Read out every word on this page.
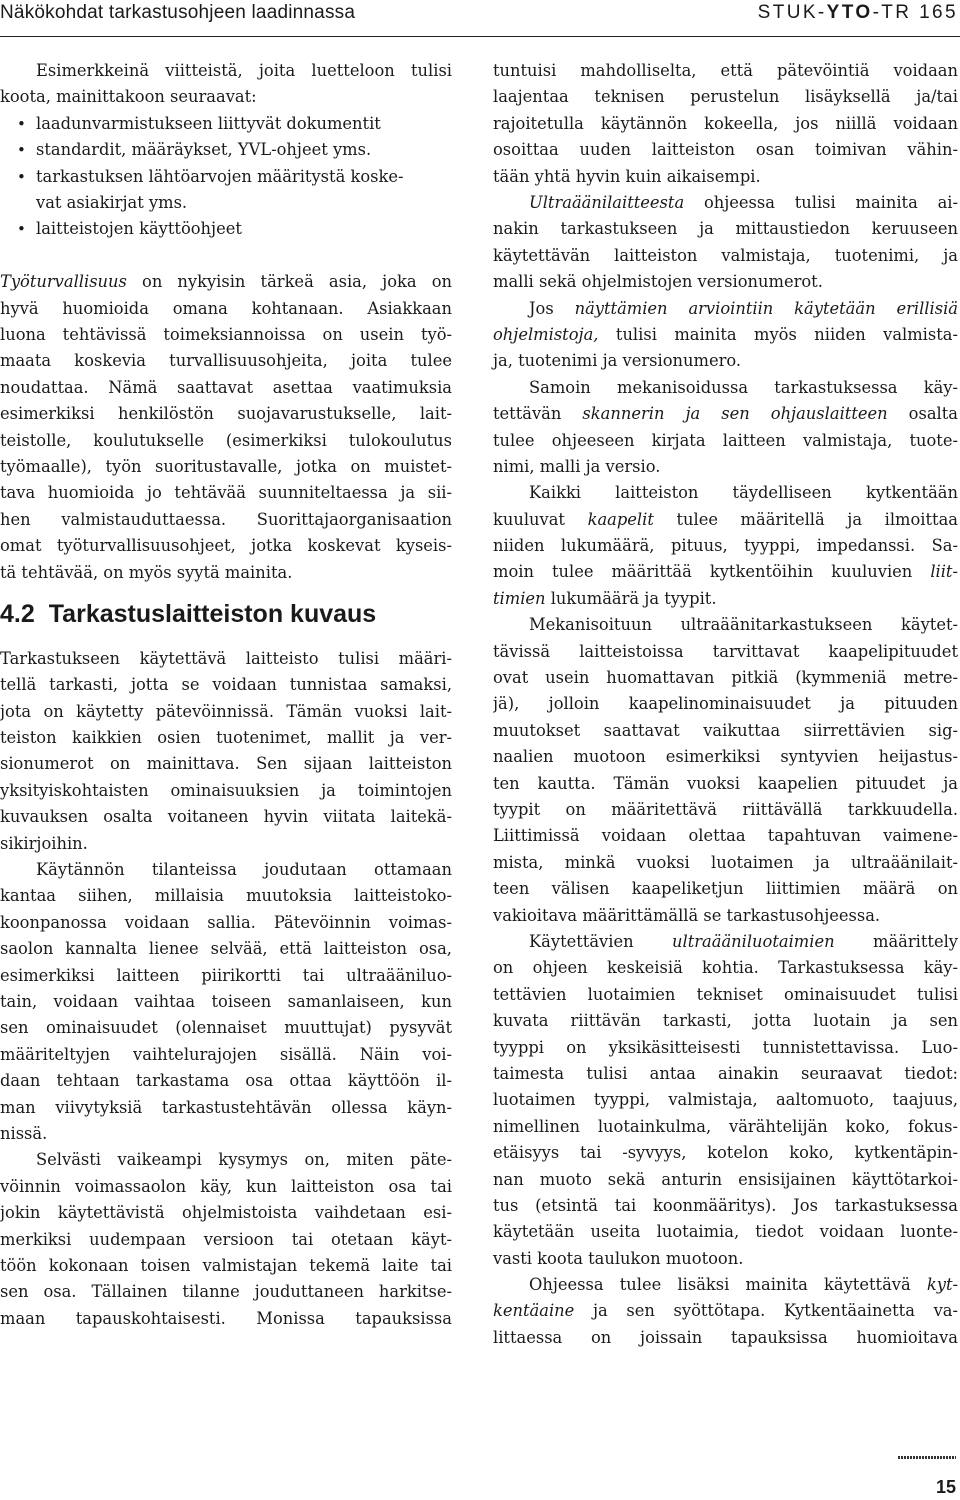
Näkökohdat tarkastusohjeen laadinnassa	STUK-YTO-TR 165
Esimerkkeinä viitteistä, joita luetteloon tulisi
koota, mainittakoon seuraavat:
• laadunvarmistukseen liittyvät dokumentit
• standardit, määräykset, YVL-ohjeet yms.
• tarkastuksen lähtöarvojen määritystä koske-
vat asiakirjat yms.
• laitteistojen käyttöohjeet
Työturvallisuus on nykyisin tärkeä asia, joka on
hyvä huomioida omana kohtanaan. Asiakkaan
luona tehtävissä toimeksiannoissa on usein työ-
maata koskevia turvallisuusohjeita, joita tulee
noudattaa. Nämä saattavat asettaa vaatimuksia
esimerkiksi henkilöstön suojavarustukselle, lait-
teistolle, koulutukselle (esimerkiksi tulokoulutus
työmaalle), työn suoritustavalle, jotka on muistet-
tava huomioida jo tehtävää suunniteltaessa ja sii-
hen valmistauduttaessa. Suorittajaorganisaation
omat työturvallisuusohjeet, jotka koskevat kyseis-
tä tehtävää, on myös syytä mainita.
4.2 Tarkastuslaitteiston kuvaus
Tarkastukseen käytettävä laitteisto tulisi määri-
tellä tarkasti, jotta se voidaan tunnistaa samaksi,
jota on käytetty pätevöinnissä. Tämän vuoksi lait-
teiston kaikkien osien tuotenimet, mallit ja ver-
sionumerot on mainittava. Sen sijaan laitteiston
yksityiskohtaisten ominaisuuksien ja toimintojen
kuvauksen osalta voitaneen hyvin viitata laitekä-
sikirjoihin.
Käytännön tilanteissa joudutaan ottamaan
kantaa siihen, millaisia muutoksia laitteistoko-
koonpanossa voidaan sallia. Pätevöinnin voimas-
saolon kannalta lienee selvää, että laitteiston osa,
esimerkiksi laitteen piirikortti tai ultraääniluo-
tain, voidaan vaihtaa toiseen samanlaiseen, kun
sen ominaisuudet (olennaiset muuttujat) pysyvät
määriteltyjen vaihtelurajojen sisällä. Näin voi-
daan tehtaan tarkastama osa ottaa käyttöön il-
man viivytyksiä tarkastustehtävän ollessa käyn-
nissä.
Selvästi vaikeampi kysymys on, miten päte-
vöinnin voimassaolon käy, kun laitteiston osa tai
jokin käytettävistä ohjelmistoista vaihdetaan esi-
merkiksi uudempaan versioon tai otetaan käyt-
töön kokonaan toisen valmistajan tekemä laite tai
sen osa. Tällainen tilanne jouduttaneen harkitse-
maan tapauskohtaisesti. Monissa tapauksissa
tuntuisi mahdolliselta, että pätevöintiä voidaan
laajentaa teknisen perustelun lisäyksellä ja/tai
rajoitetulla käytännön kokeella, jos niillä voidaan
osoittaa uuden laitteiston osan toimivan vähin-
tään yhtä hyvin kuin aikaisempi.
Ultraäänilaitteesta ohjeessa tulisi mainita ai-
nakin tarkastukseen ja mittaustiedon keruuseen
käytettävän laitteiston valmistaja, tuotenimi, ja
malli sekä ohjelmistojen versionumerot.
Jos näyttämien arviointiin käytetään erillisiä
ohjelmistoja, tulisi mainita myös niiden valmista-
ja, tuotenimi ja versionumero.
Samoin mekanisoidussa tarkastuksessa käy-
tettävän skannerin ja sen ohjauslaitteen osalta
tulee ohjeeseen kirjata laitteen valmistaja, tuote-
nimi, malli ja versio.
Kaikki laitteiston täydelliseen kytkentään
kuuluvat kaapelit tulee määritellä ja ilmoittaa
niiden lukumäärä, pituus, tyyppi, impedanssi. Sa-
moin tulee määrittää kytkentöihin kuuluvien liit-
timien lukumäärä ja tyypit.
Mekanisoituun ultraäänitarkastukseen käytet-
tävissä laitteistoissa tarvittavat kaapelipituudet
ovat usein huomattavan pitkiä (kymmeniä metre-
jä), jolloin kaapelinominaisuudet ja pituuden
muutokset saattavat vaikuttaa siirrettävien sig-
naalien muotoon esimerkiksi syntyvien heijastus-
ten kautta. Tämän vuoksi kaapelien pituudet ja
tyypit on määritettävä riittävällä tarkkuudella.
Liittimissä voidaan olettaa tapahtuvan vaimene-
mista, minkä vuoksi luotaimen ja ultraäänilait-
teen välisen kaapeliketjun liittimien määrä on
vakioitava määrittämällä se tarkastusohjeessa.
Käytettävien ultraääniluotaimien määrittely
on ohjeen keskeisiä kohtia. Tarkastuksessa käy-
tettävien luotaimien tekniset ominaisuudet tulisi
kuvata riittävän tarkasti, jotta luotain ja sen
tyyppi on yksikäsitteisesti tunnistettavissa. Luo-
taimesta tulisi antaa ainakin seuraavat tiedot:
luotaimen tyyppi, valmistaja, aaltomuoto, taajuus,
nimellinen luotainkulma, värähtelijän koko, fokus-
etäisyys tai -syvyys, kotelon koko, kytkentäpin-
nan muoto sekä anturin ensisijainen käyttötarkoi-
tus (etsintä tai koonmääritys). Jos tarkastuksessa
käytetään useita luotaimia, tiedot voidaan luonte-
vasti koota taulukon muotoon.
Ohjeessa tulee lisäksi mainita käytettävä kyt-
kentäaine ja sen syöttötapa. Kytkentäainetta va-
littaessa on joissain tapauksissa huomioitava
15
